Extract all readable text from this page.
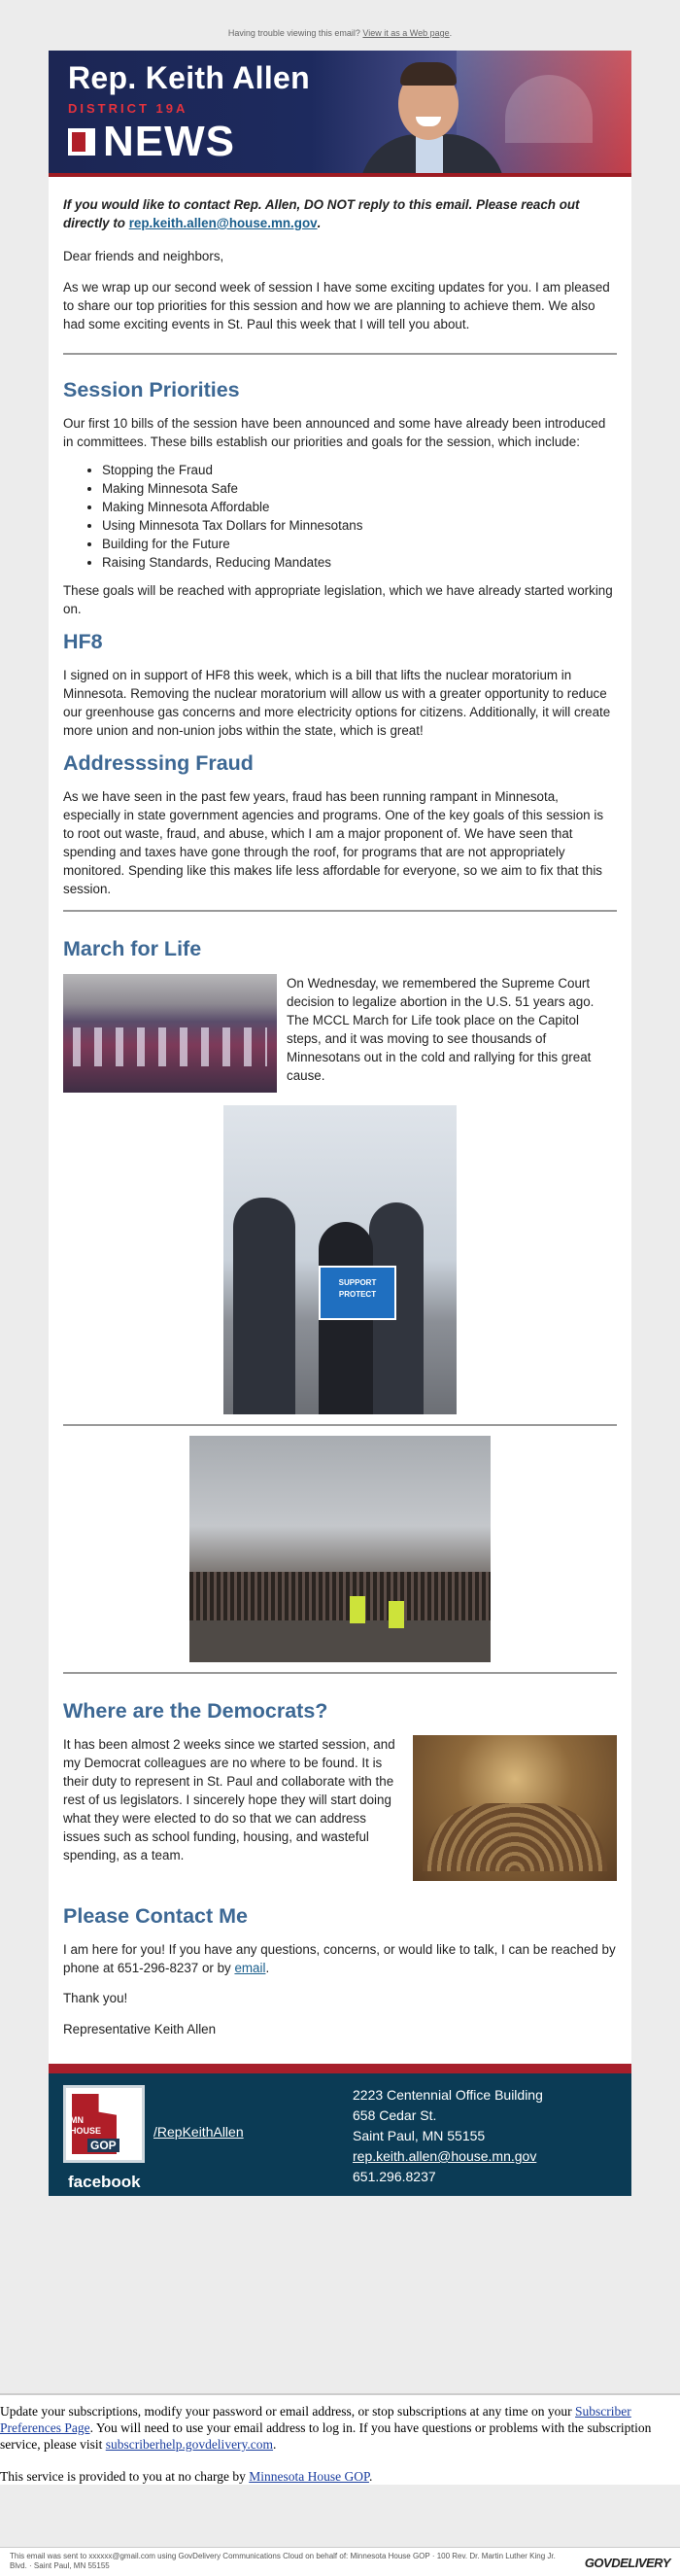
Having trouble viewing this email? View it as a Web page.
Rep. Keith Allen
DISTRICT 19A
NEWS

If you would like to contact Rep. Allen, DO NOT reply to this email. Please reach out directly to rep.keith.allen@house.mn.gov.

Dear friends and neighbors,

As we wrap up our second week of session I have some exciting updates for you. I am pleased to share our top priorities for this session and how we are planning to achieve them. We also had some exciting events in St. Paul this week that I will tell you about.

Session Priorities

Our first 10 bills of the session have been announced and some have already been introduced in committees. These bills establish our priorities and goals for the session, which include:

• Stopping the Fraud
• Making Minnesota Safe
• Making Minnesota Affordable
• Using Minnesota Tax Dollars for Minnesotans
• Building for the Future
• Raising Standards, Reducing Mandates

These goals will be reached with appropriate legislation, which we have already started working on.

HF8

I signed on in support of HF8 this week, which is a bill that lifts the nuclear moratorium in Minnesota. Removing the nuclear moratorium will allow us with a greater opportunity to reduce our greenhouse gas concerns and more electricity options for citizens. Additionally, it will create more union and non-union jobs within the state, which is great!

Addresssing Fraud

As we have seen in the past few years, fraud has been running rampant in Minnesota, especially in state government agencies and programs. One of the key goals of this session is to root out waste, fraud, and abuse, which I am a major proponent of. We have seen that spending and taxes have gone through the roof, for programs that are not appropriately monitored. Spending like this makes life less affordable for everyone, so we aim to fix that this session.

March for Life

On Wednesday, we remembered the Supreme Court decision to legalize abortion in the U.S. 51 years ago. The MCCL March for Life took place on the Capitol steps, and it was moving to see thousands of Minnesotans out in the cold and rallying for this great cause.

SUPPORT PROTECT
Where are the Democrats?

It has been almost 2 weeks since we started session, and my Democrat colleagues are no where to be found. It is their duty to represent in St. Paul and collaborate with the rest of us legislators. I sincerely hope they will start doing what they were elected to do so that we can address issues such as school funding, housing, and wasteful spending, as a team.

Please Contact Me

I am here for you! If you have any questions, concerns, or would like to talk, I can be reached by phone at 651-296-8237 or by email.

Thank you!

Representative Keith Allen

MN
HOUSE
GOP
facebook
/RepKeithAllen
2223 Centennial Office Building
658 Cedar St.
Saint Paul, MN 55155
rep.keith.allen@house.mn.gov
651.296.8237

Update your subscriptions, modify your password or email address, or stop subscriptions at any time on your Subscriber Preferences Page. You will need to use your email address to log in. If you have questions or problems with the subscription service, please visit subscriberhelp.govdelivery.com.

This service is provided to you at no charge by Minnesota House GOP.

This email was sent to xxxxxx@gmail.com using GovDelivery Communications Cloud on behalf of: Minnesota House GOP · 100 Rev. Dr. Martin Luther King Jr. Blvd. · Saint Paul, MN 55155	GOVDELIVERY
